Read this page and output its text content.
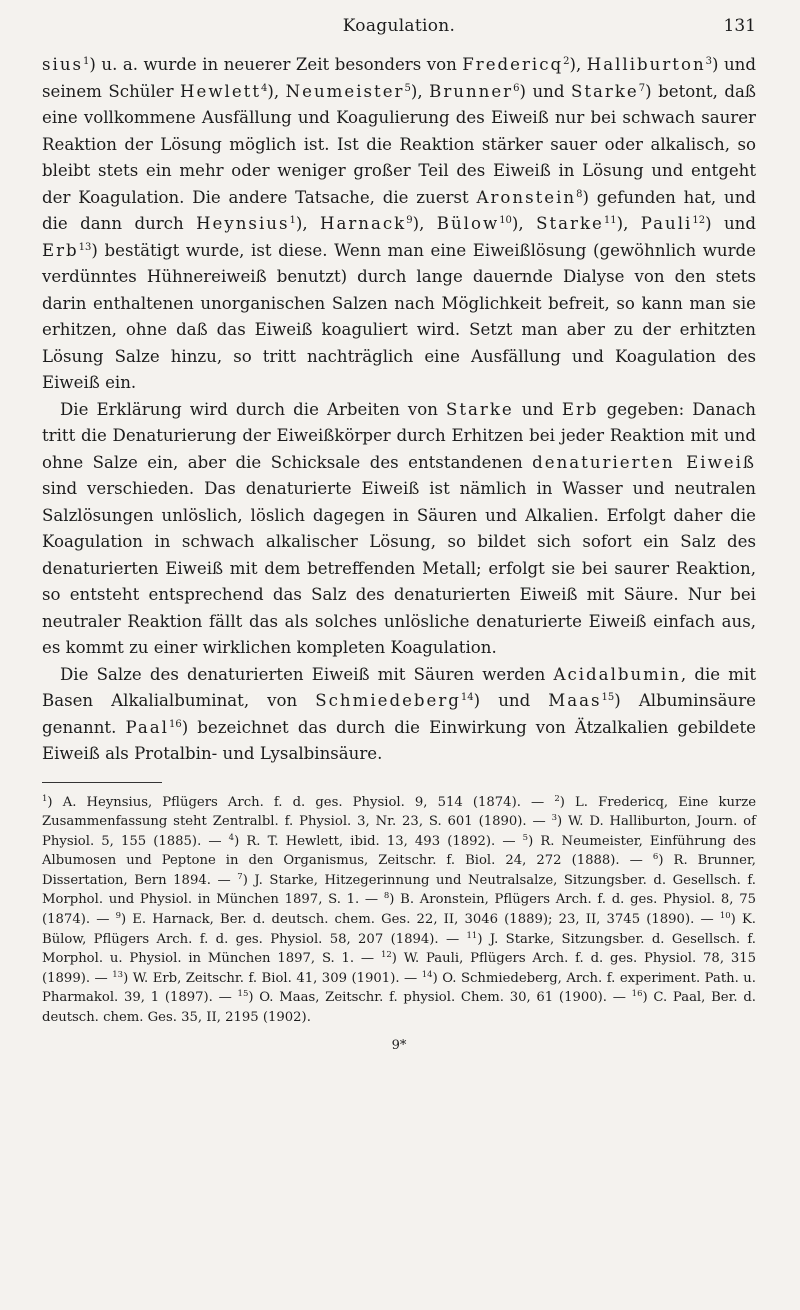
Koagulation.	131

sius$^1$) u. a. wurde in neuerer Zeit besonders von Fredericq$^2$), Halliburton$^3$) und seinem Schüler Hewlett$^4$), Neumeister$^5$), Brunner$^6$) und Starke$^7$) betont, daß eine vollkommene Ausfällung und Koagulierung des Eiweiß nur bei schwach saurer Reaktion der Lösung möglich ist. Ist die Reaktion stärker sauer oder alkalisch, so bleibt stets ein mehr oder weniger großer Teil des Eiweiß in Lösung und entgeht der Koagulation. Die andere Tatsache, die zuerst Aronstein$^8$) gefunden hat, und die dann durch Heynsius$^1$), Harnack$^9$), Bülow$^{10}$), Starke$^{11}$), Pauli$^{12}$) und Erb$^{13}$) bestätigt wurde, ist diese. Wenn man eine Eiweißlösung (gewöhnlich wurde verdünntes Hühnereiweiß benutzt) durch lange dauernde Dialyse von den stets darin enthaltenen unorganischen Salzen nach Möglichkeit befreit, so kann man sie erhitzen, ohne daß das Eiweiß koaguliert wird. Setzt man aber zu der erhitzten Lösung Salze hinzu, so tritt nachträglich eine Ausfällung und Koagulation des Eiweiß ein.

Die Erklärung wird durch die Arbeiten von Starke und Erb gegeben: Danach tritt die Denaturierung der Eiweißkörper durch Erhitzen bei jeder Reaktion mit und ohne Salze ein, aber die Schicksale des entstandenen denaturierten Eiweiß sind verschieden. Das denaturierte Eiweiß ist nämlich in Wasser und neutralen Salzlösungen unlöslich, löslich dagegen in Säuren und Alkalien. Erfolgt daher die Koagulation in schwach alkalischer Lösung, so bildet sich sofort ein Salz des denaturierten Eiweiß mit dem betreffenden Metall; erfolgt sie bei saurer Reaktion, so entsteht entsprechend das Salz des denaturierten Eiweiß mit Säure. Nur bei neutraler Reaktion fällt das als solches unlösliche denaturierte Eiweiß einfach aus, es kommt zu einer wirklichen kompleten Koagulation.

Die Salze des denaturierten Eiweiß mit Säuren werden Acidalbumin, die mit Basen Alkalialbuminat, von Schmiedeberg$^{14}$) und Maas$^{15}$) Albuminsäure genannt. Paal$^{16}$) bezeichnet das durch die Einwirkung von Ätzalkalien gebildete Eiweiß als Protalbin- und Lysalbinsäure.

$^1$) A. Heynsius, Pflügers Arch. f. d. ges. Physiol. 9, 514 (1874). — $^2$) L. Fredericq, Eine kurze Zusammenfassung steht Zentralbl. f. Physiol. 3, Nr. 23, S. 601 (1890). — $^3$) W. D. Halliburton, Journ. of Physiol. 5, 155 (1885). — $^4$) R. T. Hewlett, ibid. 13, 493 (1892). — $^5$) R. Neumeister, Einführung des Albumosen und Peptone in den Organismus, Zeitschr. f. Biol. 24, 272 (1888). — $^6$) R. Brunner, Dissertation, Bern 1894. — $^7$) J. Starke, Hitzegerinnung und Neutralsalze, Sitzungsber. d. Gesellsch. f. Morphol. und Physiol. in München 1897, S. 1. — $^8$) B. Aronstein, Pflügers Arch. f. d. ges. Physiol. 8, 75 (1874). — $^9$) E. Harnack, Ber. d. deutsch. chem. Ges. 22, II, 3046 (1889); 23, II, 3745 (1890). — $^{10}$) K. Bülow, Pflügers Arch. f. d. ges. Physiol. 58, 207 (1894). — $^{11}$) J. Starke, Sitzungsber. d. Gesellsch. f. Morphol. u. Physiol. in München 1897, S. 1. — $^{12}$) W. Pauli, Pflügers Arch. f. d. ges. Physiol. 78, 315 (1899). — $^{13}$) W. Erb, Zeitschr. f. Biol. 41, 309 (1901). — $^{14}$) O. Schmiedeberg, Arch. f. experiment. Path. u. Pharmakol. 39, 1 (1897). — $^{15}$) O. Maas, Zeitschr. f. physiol. Chem. 30, 61 (1900). — $^{16}$) C. Paal, Ber. d. deutsch. chem. Ges. 35, II, 2195 (1902).
9*
